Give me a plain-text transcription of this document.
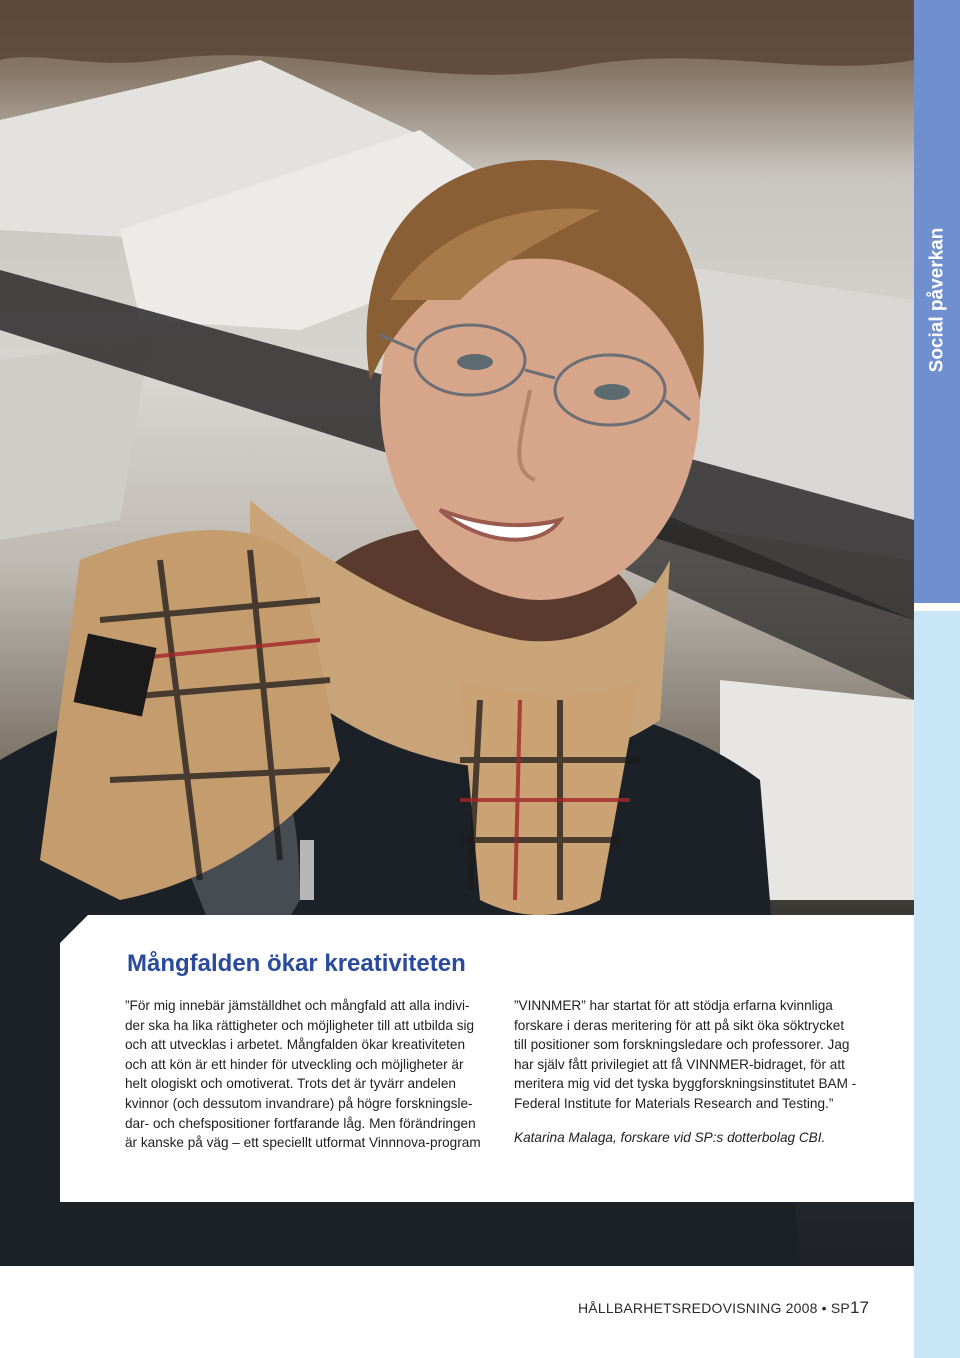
Social påverkan
Mångfalden ökar kreativiteten

”För mig innebär jämställdhet och mångfald att alla indivi-
der ska ha lika rättigheter och möjligheter till att utbilda sig
och att utvecklas i arbetet. Mångfalden ökar kreativiteten
och att kön är ett hinder för utveckling och möjligheter är
helt ologiskt och omotiverat. Trots det är tyvärr andelen
kvinnor (och dessutom invandrare) på högre forskningsle-
dar- och chefspositioner fortfarande låg. Men förändringen
är kanske på väg – ett speciellt utformat Vinnnova-program

”VINNMER” har startat för att stödja erfarna kvinnliga
forskare i deras meritering för att på sikt öka söktrycket
till positioner som forskningsledare och professorer. Jag
har själv fått privilegiet att få VINNMER-bidraget, för att
meritera mig vid det tyska byggforskningsinstitutet BAM -
Federal Institute for Materials Research and Testing.”

Katarina Malaga, forskare vid SP:s dotterbolag CBI.

HÅLLBARHETSREDOVISNING 2008 • SP 17
